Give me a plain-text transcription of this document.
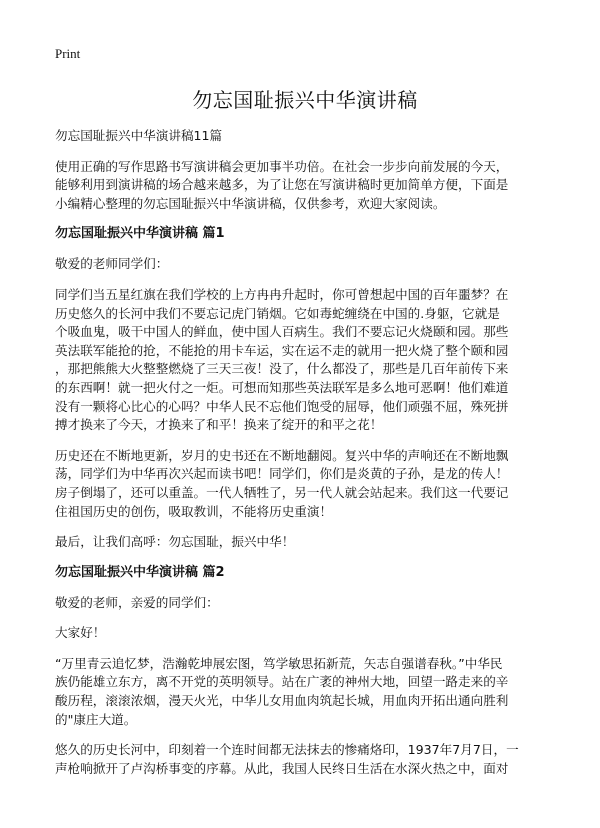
Print
勿忘国耻振兴中华演讲稿
勿忘国耻振兴中华演讲稿11篇
使用正确的写作思路书写演讲稿会更加事半功倍。在社会一步步向前发展的今天，
能够利用到演讲稿的场合越来越多，为了让您在写演讲稿时更加简单方便，下面是
小编精心整理的勿忘国耻振兴中华演讲稿，仅供参考，欢迎大家阅读。
勿忘国耻振兴中华演讲稿 篇1
敬爱的老师同学们：
同学们当五星红旗在我们学校的上方冉冉升起时，你可曾想起中国的百年噩梦？在
历史悠久的长河中我们不要忘记虎门销烟。它如毒蛇缠绕在中国的.身躯，它就是
个吸血鬼，吸干中国人的鲜血，使中国人百病生。我们不要忘记火烧颐和园。那些
英法联军能抢的抢，不能抢的用卡车运，实在运不走的就用一把火烧了整个颐和园
，那把熊熊大火整整燃烧了三天三夜！没了，什么都没了，那些是几百年前传下来
的东西啊！就一把火付之一炬。可想而知那些英法联军是多么地可恶啊！他们难道
没有一颗将心比心的心吗？中华人民不忘他们饱受的屈辱，他们顽强不屈，殊死拼
搏才换来了今天，才换来了和平！换来了绽开的和平之花！
历史还在不断地更新，岁月的史书还在不断地翻阅。复兴中华的声响还在不断地飘
荡，同学们为中华再次兴起而读书吧！同学们，你们是炎黄的子孙，是龙的传人！
房子倒塌了，还可以重盖。一代人牺牲了，另一代人就会站起来。我们这一代要记
住祖国历史的创伤，吸取教训，不能将历史重演！
最后，让我们高呼：勿忘国耻，振兴中华！
勿忘国耻振兴中华演讲稿 篇2
敬爱的老师，亲爱的同学们：
大家好！
“万里青云追忆梦，浩瀚乾坤展宏图，笃学敏思拓新荒，矢志自强谱春秋。”中华民
族仍能雄立东方，离不开党的英明领导。站在广袤的神州大地，回望一路走来的辛
酸历程，滚滚浓烟，漫天火光，中华儿女用血肉筑起长城，用血肉开拓出通向胜利
的"康庄大道。
悠久的历史长河中，印刻着一个连时间都无法抹去的惨痛烙印，1937年7月7日，一
声枪响掀开了卢沟桥事变的序幕。从此，我国人民终日生活在水深火热之中，面对
